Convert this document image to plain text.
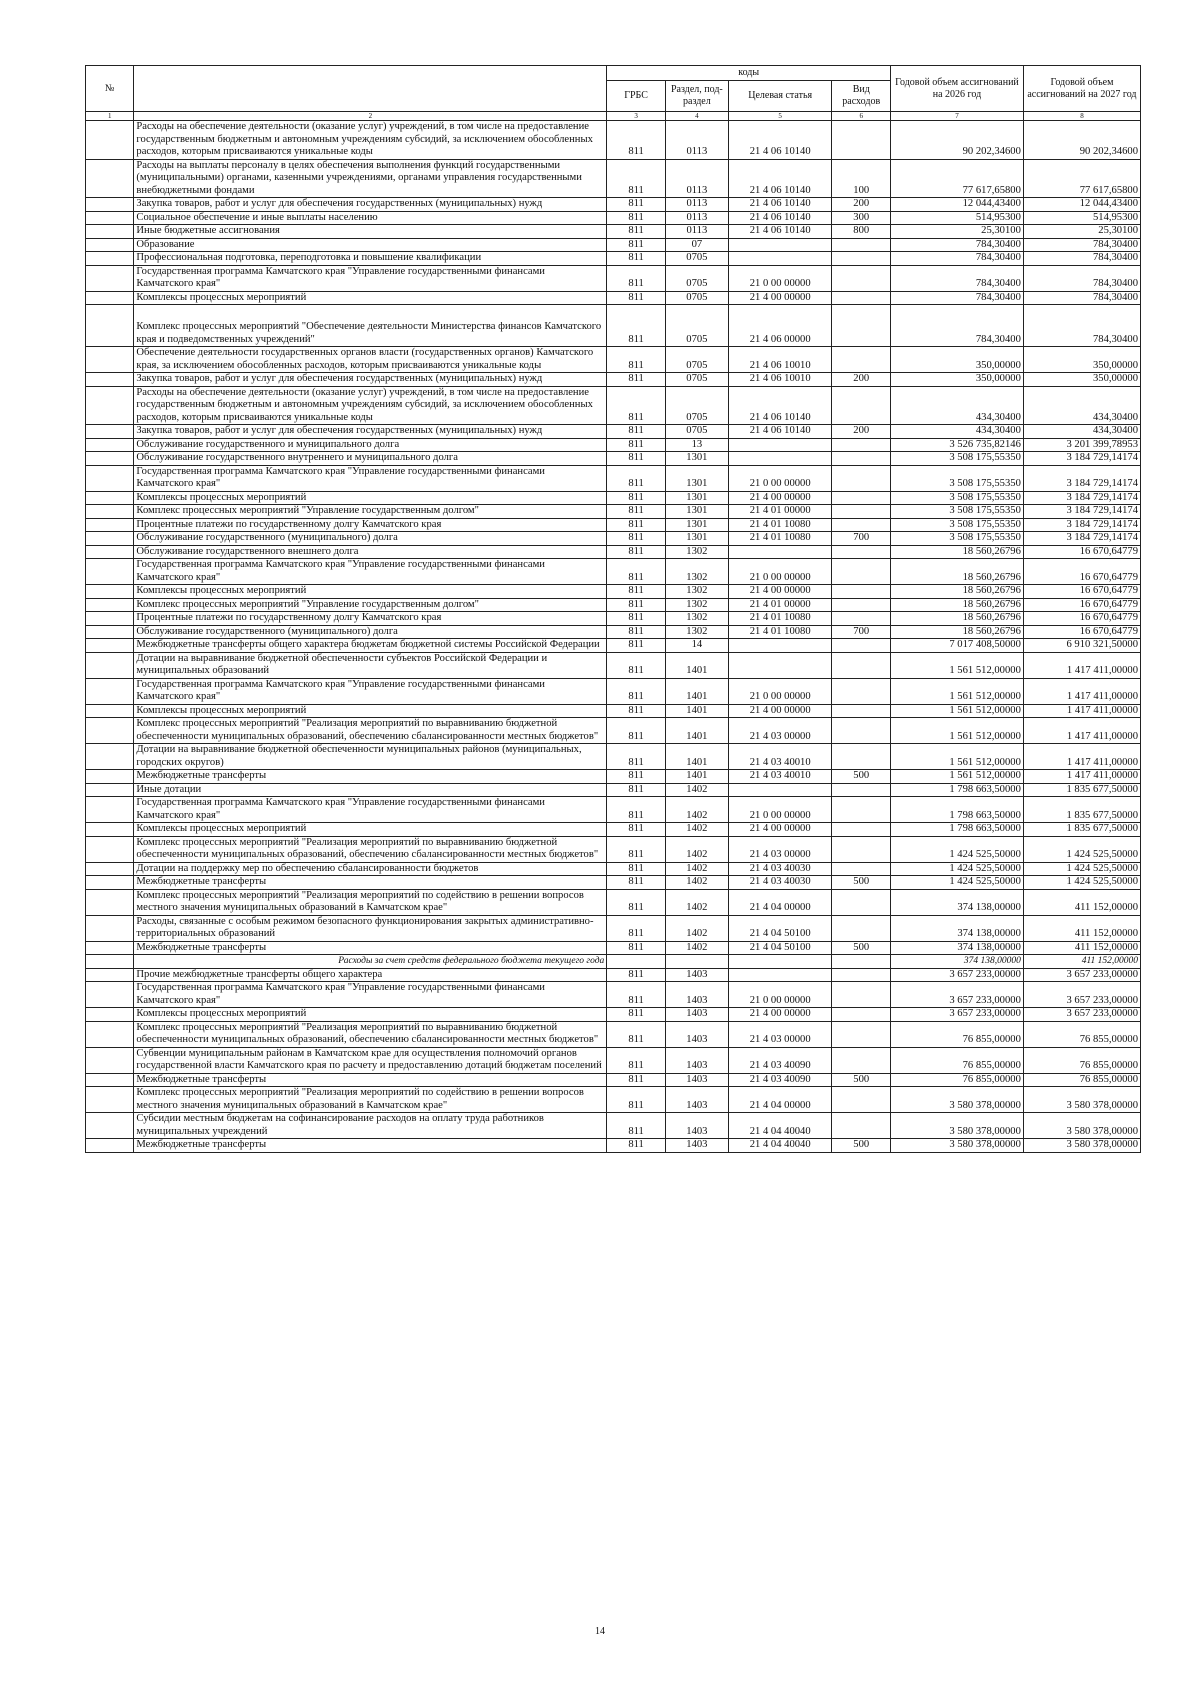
№		коды				Годовой объем ассигнований на 2026 год	Годовой объем ассигнований на 2027 год
		ГРБС	Раздел, под- раздел	Целевая статья	Вид расходов		
1	2	3	4	5	6	7	8
	Расходы на обеспечение деятельности (оказание услуг) учреждений, в том числе на предоставление государственным бюджетным и автономным учреждениям субсидий, за исключением обособленных расходов, которым присваиваются уникальные коды	811	0113	21 4 06 10140		90 202,34600	90 202,34600
	Расходы на выплаты персоналу в целях обеспечения выполнения функций государственными (муниципальными) органами, казенными учреждениями, органами управления государственными внебюджетными фондами	811	0113	21 4 06 10140	100	77 617,65800	77 617,65800
	Закупка товаров, работ и услуг для обеспечения государственных (муниципальных) нужд	811	0113	21 4 06 10140	200	12 044,43400	12 044,43400
	Социальное обеспечение и иные выплаты населению	811	0113	21 4 06 10140	300	514,95300	514,95300
	Иные бюджетные ассигнования	811	0113	21 4 06 10140	800	25,30100	25,30100
	Образование	811	07			784,30400	784,30400
	Профессиональная подготовка, переподготовка и повышение квалификации	811	0705			784,30400	784,30400
	Государственная программа Камчатского края "Управление государственными финансами Камчатского края"	811	0705	21 0 00 00000		784,30400	784,30400
	Комплексы процессных мероприятий	811	0705	21 4 00 00000		784,30400	784,30400
	Комплекс процессных мероприятий "Обеспечение деятельности Министерства финансов Камчатского края и подведомственных учреждений"	811	0705	21 4 06 00000		784,30400	784,30400
	Обеспечение деятельности государственных органов власти (государственных органов) Камчатского края, за исключением обособленных расходов, которым присваиваются уникальные коды	811	0705	21 4 06 10010		350,00000	350,00000
	Закупка товаров, работ и услуг для обеспечения государственных (муниципальных) нужд	811	0705	21 4 06 10010	200	350,00000	350,00000
	Расходы на обеспечение деятельности (оказание услуг) учреждений, в том числе на предоставление государственным бюджетным и автономным учреждениям субсидий, за исключением обособленных расходов, которым присваиваются уникальные коды	811	0705	21 4 06 10140		434,30400	434,30400
	Закупка товаров, работ и услуг для обеспечения государственных (муниципальных) нужд	811	0705	21 4 06 10140	200	434,30400	434,30400
	Обслуживание государственного и муниципального долга	811	13			3 526 735,82146	3 201 399,78953
	Обслуживание государственного внутреннего и муниципального долга	811	1301			3 508 175,55350	3 184 729,14174
	Государственная программа Камчатского края "Управление государственными финансами Камчатского края"	811	1301	21 0 00 00000		3 508 175,55350	3 184 729,14174
	Комплексы процессных мероприятий	811	1301	21 4 00 00000		3 508 175,55350	3 184 729,14174
	Комплекс процессных мероприятий "Управление государственным долгом"	811	1301	21 4 01 00000		3 508 175,55350	3 184 729,14174
	Процентные платежи по государственному долгу Камчатского края	811	1301	21 4 01 10080		3 508 175,55350	3 184 729,14174
	Обслуживание государственного (муниципального) долга	811	1301	21 4 01 10080	700	3 508 175,55350	3 184 729,14174
	Обслуживание государственного внешнего долга	811	1302			18 560,26796	16 670,64779
	Государственная программа Камчатского края "Управление государственными финансами Камчатского края"	811	1302	21 0 00 00000		18 560,26796	16 670,64779
	Комплексы процессных мероприятий	811	1302	21 4 00 00000		18 560,26796	16 670,64779
	Комплекс процессных мероприятий "Управление государственным долгом"	811	1302	21 4 01 00000		18 560,26796	16 670,64779
	Процентные платежи по государственному долгу Камчатского края	811	1302	21 4 01 10080		18 560,26796	16 670,64779
	Обслуживание государственного (муниципального) долга	811	1302	21 4 01 10080	700	18 560,26796	16 670,64779
	Межбюджетные трансферты общего характера бюджетам бюджетной системы Российской Федерации	811	14			7 017 408,50000	6 910 321,50000
	Дотации на выравнивание бюджетной обеспеченности субъектов Российской Федерации и муниципальных образований	811	1401			1 561 512,00000	1 417 411,00000
	Государственная программа Камчатского края "Управление государственными финансами Камчатского края"	811	1401	21 0 00 00000		1 561 512,00000	1 417 411,00000
	Комплексы процессных мероприятий	811	1401	21 4 00 00000		1 561 512,00000	1 417 411,00000
	Комплекс процессных мероприятий "Реализация мероприятий по выравниванию бюджетной обеспеченности муниципальных образований, обеспечению сбалансированности местных бюджетов"	811	1401	21 4 03 00000		1 561 512,00000	1 417 411,00000
	Дотации на выравнивание бюджетной обеспеченности муниципальных районов (муниципальных, городских округов)	811	1401	21 4 03 40010		1 561 512,00000	1 417 411,00000
	Межбюджетные трансферты	811	1401	21 4 03 40010	500	1 561 512,00000	1 417 411,00000
	Иные дотации	811	1402			1 798 663,50000	1 835 677,50000
	Государственная программа Камчатского края "Управление государственными финансами Камчатского края"	811	1402	21 0 00 00000		1 798 663,50000	1 835 677,50000
	Комплексы процессных мероприятий	811	1402	21 4 00 00000		1 798 663,50000	1 835 677,50000
	Комплекс процессных мероприятий "Реализация мероприятий по выравниванию бюджетной обеспеченности муниципальных образований, обеспечению сбалансированности местных бюджетов"	811	1402	21 4 03 00000		1 424 525,50000	1 424 525,50000
	Дотации на поддержку мер по обеспечению сбалансированности бюджетов	811	1402	21 4 03 40030		1 424 525,50000	1 424 525,50000
	Межбюджетные трансферты	811	1402	21 4 03 40030	500	1 424 525,50000	1 424 525,50000
	Комплекс процессных мероприятий "Реализация мероприятий по содействию в решении вопросов местного значения муниципальных образований в Камчатском крае"	811	1402	21 4 04 00000		374 138,00000	411 152,00000
	Расходы, связанные с особым режимом безопасного функционирования закрытых административно-территориальных образований	811	1402	21 4 04 50100		374 138,00000	411 152,00000
	Межбюджетные трансферты	811	1402	21 4 04 50100	500	374 138,00000	411 152,00000
	Расходы за счет средств федерального бюджета текущего года					374 138,00000	411 152,00000
	Прочие межбюджетные трансферты общего характера	811	1403			3 657 233,00000	3 657 233,00000
	Государственная программа Камчатского края "Управление государственными финансами Камчатского края"	811	1403	21 0 00 00000		3 657 233,00000	3 657 233,00000
	Комплексы процессных мероприятий	811	1403	21 4 00 00000		3 657 233,00000	3 657 233,00000
	Комплекс процессных мероприятий "Реализация мероприятий по выравниванию бюджетной обеспеченности муниципальных образований, обеспечению сбалансированности местных бюджетов"	811	1403	21 4 03 00000		76 855,00000	76 855,00000
	Субвенции муниципальным районам в Камчатском крае для осуществления полномочий органов государственной власти Камчатского края по расчету и предоставлению дотаций бюджетам поселений	811	1403	21 4 03 40090		76 855,00000	76 855,00000
	Межбюджетные трансферты	811	1403	21 4 03 40090	500	76 855,00000	76 855,00000
	Комплекс процессных мероприятий "Реализация мероприятий по содействию в решении вопросов местного значения муниципальных образований в Камчатском крае"	811	1403	21 4 04 00000		3 580 378,00000	3 580 378,00000
	Субсидии местным бюджетам на софинансирование расходов на оплату труда работников муниципальных учреждений	811	1403	21 4 04 40040		3 580 378,00000	3 580 378,00000
	Межбюджетные трансферты	811	1403	21 4 04 40040	500	3 580 378,00000	3 580 378,00000
14
